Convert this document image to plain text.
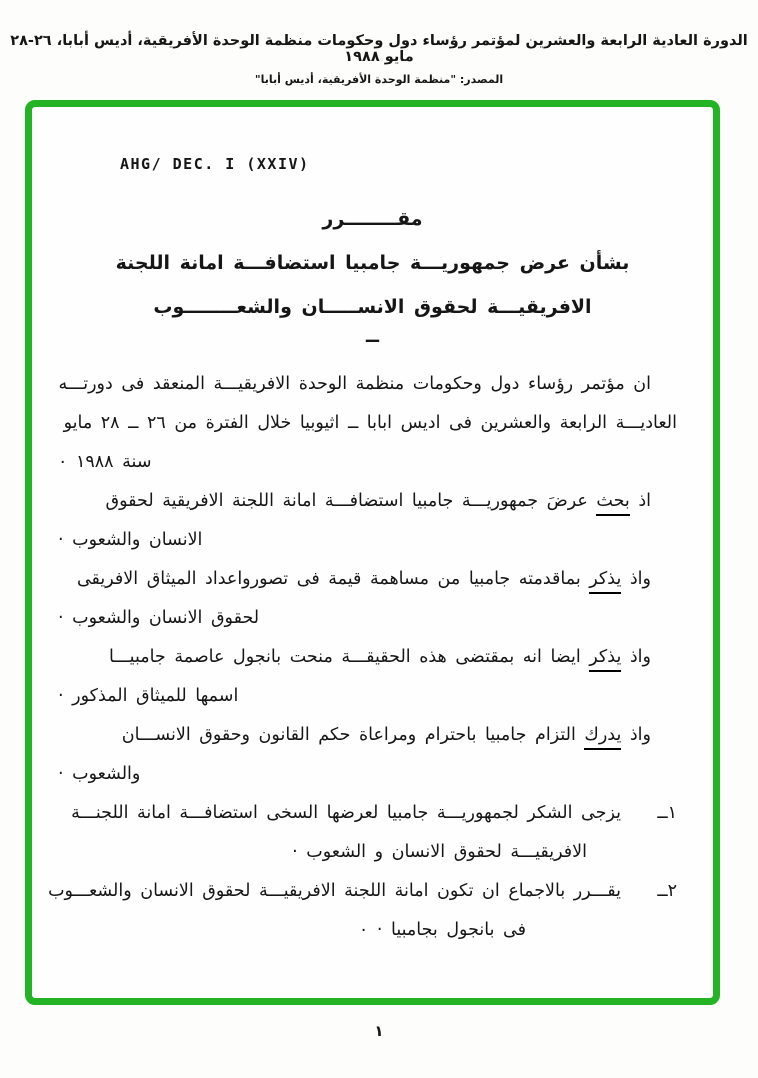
الدورة العادية الرابعة والعشرين لمؤتمر رؤساء دول وحكومات منظمة الوحدة الأفريقية، أديس أبابا، ٢٦-٢٨ مايو ١٩٨٨
المصدر: "منظمة الوحدة الأفريقية، أديس أبابا"
AHG/ DEC. I (XXIV)
مقــــــــرر
بشأن عرض جمهوريـــة جامبيا استضافـــة امانة اللجنة
الافريقيـــة لحقوق الانســـــان والشعــــــــوب
ــ
ان مؤتمر رؤساء دول وحكومات منظمة الوحدة الافريقيـــة المنعقد فى دورتـــه
العاديـــة الرابعة والعشرين فى اديس ابابا ــ اثيوبيا خلال الفترة من ٢٦ ــ ٢٨ مايو
سنة ١٩٨٨ ٠
اذ بحث عرضَ جمهوريـــة جامبيا استضافـــة امانة اللجنة الافريقية لحقوق
الانسان والشعوب ·
واذ يذكر بماقدمته جامبيا من مساهمة قيمة فى تصورواعداد الميثاق الافريقى
لحقوق الانسان والشعوب ·
واذ يذكر ايضا انه بمقتضى هذه الحقيقـــة منحت بانجول عاصمة جامبيـــا
اسمها للميثاق المذكور ·
واذ يدرك التزام جامبيا باحترام ومراعاة حكم القانون وحقوق الانســـان
والشعوب ·
١ــ
يزجى الشكر لجمهوريـــة جامبيا لعرضها السخى استضافـــة امانة اللجنـــة
الافريقيـــة لحقوق الانسان و الشعوب ·
٢ــ
يقـــرر بالاجماع ان تكون امانة اللجنة الافريقيـــة لحقوق الانسان والشعـــوب
فى بانجول بجامبيا · ٠
١
